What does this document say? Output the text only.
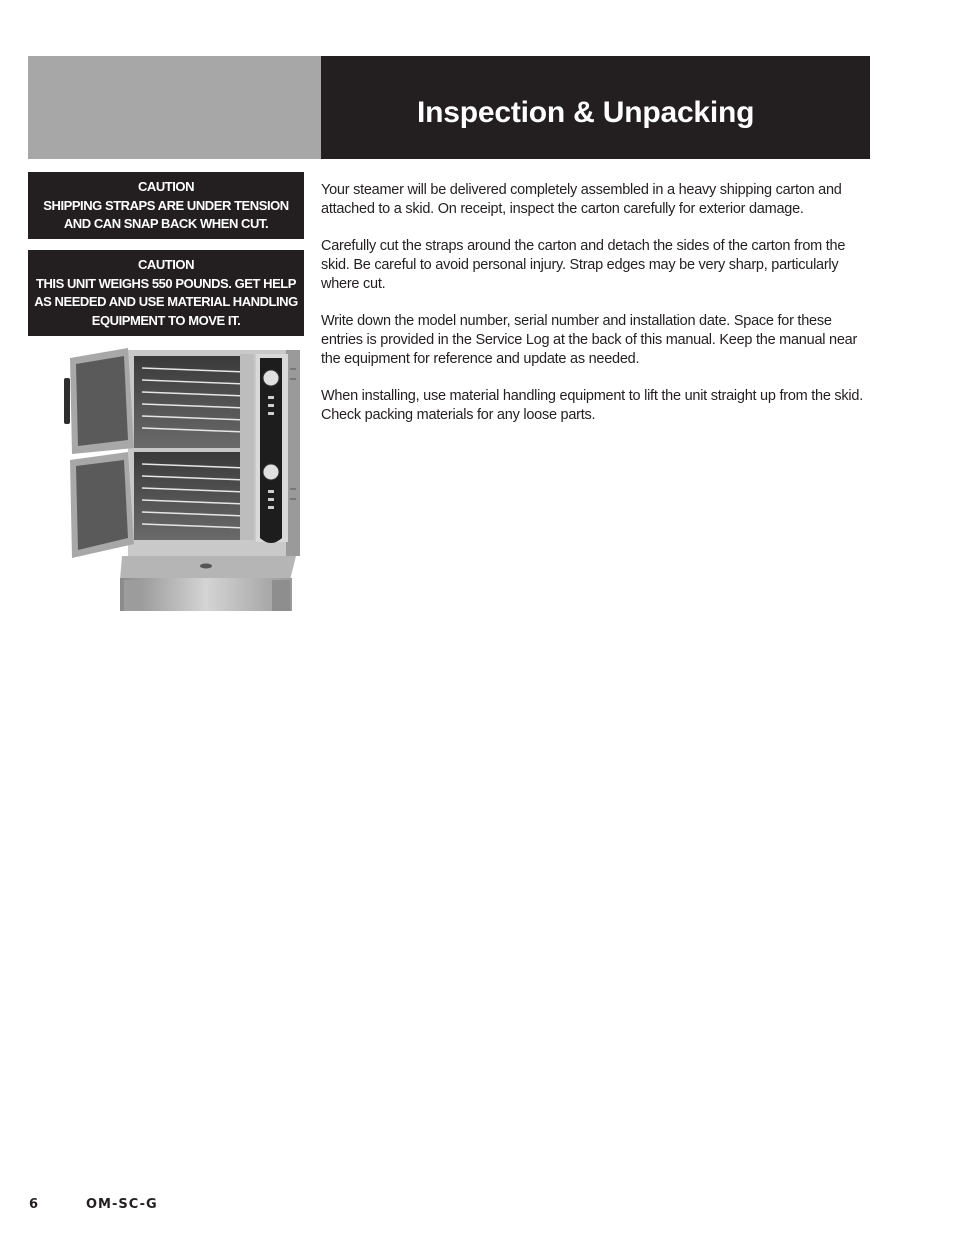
Inspection & Unpacking
CAUTION
SHIPPING STRAPS ARE UNDER TENSION
AND CAN SNAP BACK WHEN CUT.
CAUTION
THIS UNIT WEIGHS 550 POUNDS. GET HELP
AS NEEDED AND USE MATERIAL HANDLING
EQUIPMENT TO MOVE IT.

Your steamer will be delivered completely assembled in a heavy shipping carton and
attached to a skid. On receipt, inspect the carton carefully for exterior damage.

Carefully cut the straps around the carton and detach the sides of the carton from the
skid. Be careful to avoid personal injury. Strap edges may be very sharp, particularly
where cut.

Write down the model number, serial number and installation date. Space for these
entries is provided in the Service Log at the back of this manual. Keep the manual near
the equipment for reference and update as needed.

When installing, use material handling equipment to lift the unit straight up from the skid.
Check packing materials for any loose parts.

6	OM-SC-G
